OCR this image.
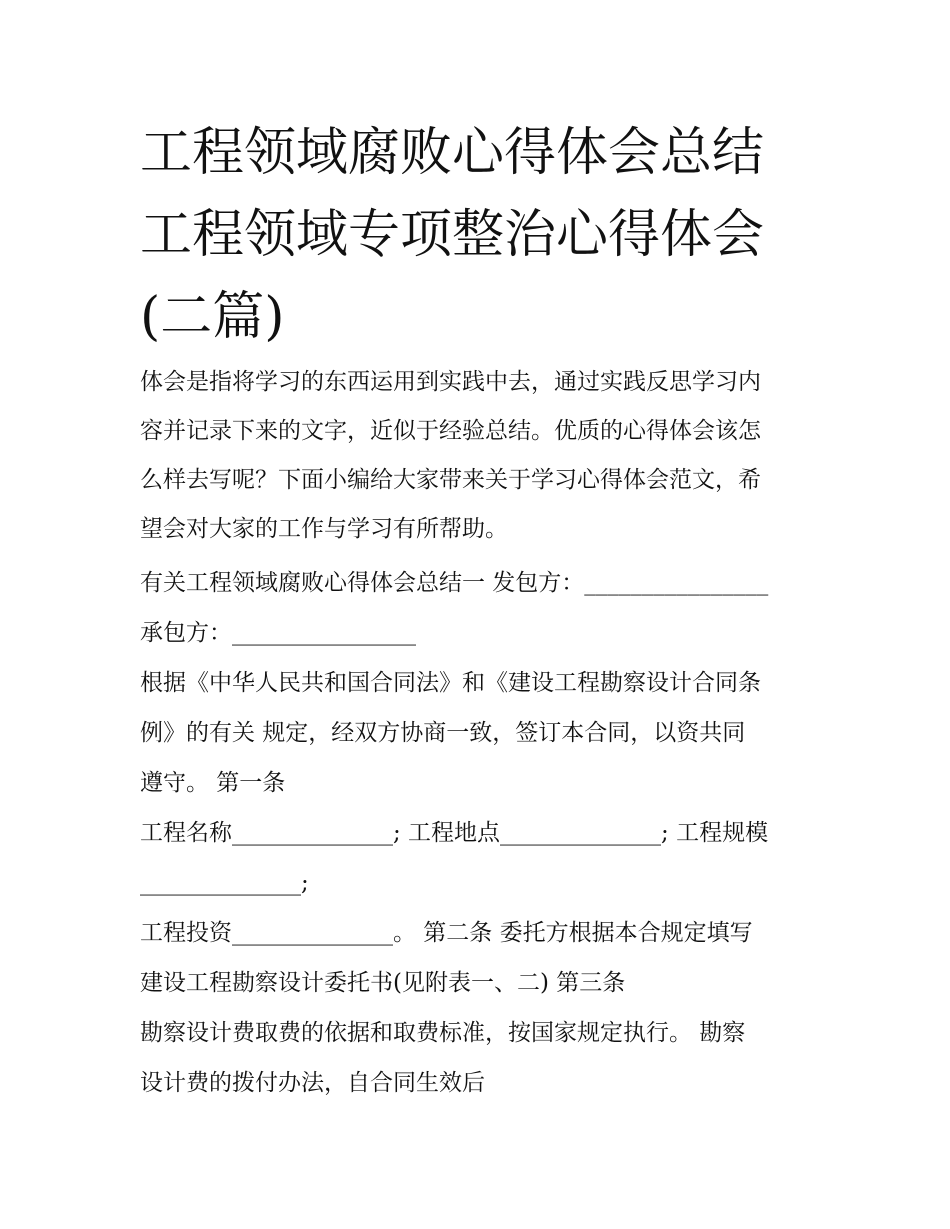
工程领域腐败心得体会总结 工程领域专项整治心得体会(二篇)

体会是指将学习的东西运用到实践中去，通过实践反思学习内

容并记录下来的文字，近似于经验总结。优质的心得体会该怎

么样去写呢？下面小编给大家带来关于学习心得体会范文，希

望会对大家的工作与学习有所帮助。

有关工程领域腐败心得体会总结一 发包方：________________

承包方：________________

根据《中华人民共和国合同法》和《建设工程勘察设计合同条

例》的有关 规定，经双方协商一致，签订本合同，以资共同

遵守。 第一条

工程名称______________; 工程地点______________; 工程规模

______________;

工程投资______________。 第二条 委托方根据本合规定填写

建设工程勘察设计委托书(见附表一、二) 第三条

勘察设计费取费的依据和取费标准，按国家规定执行。 勘察

设计费的拨付办法，自合同生效后
